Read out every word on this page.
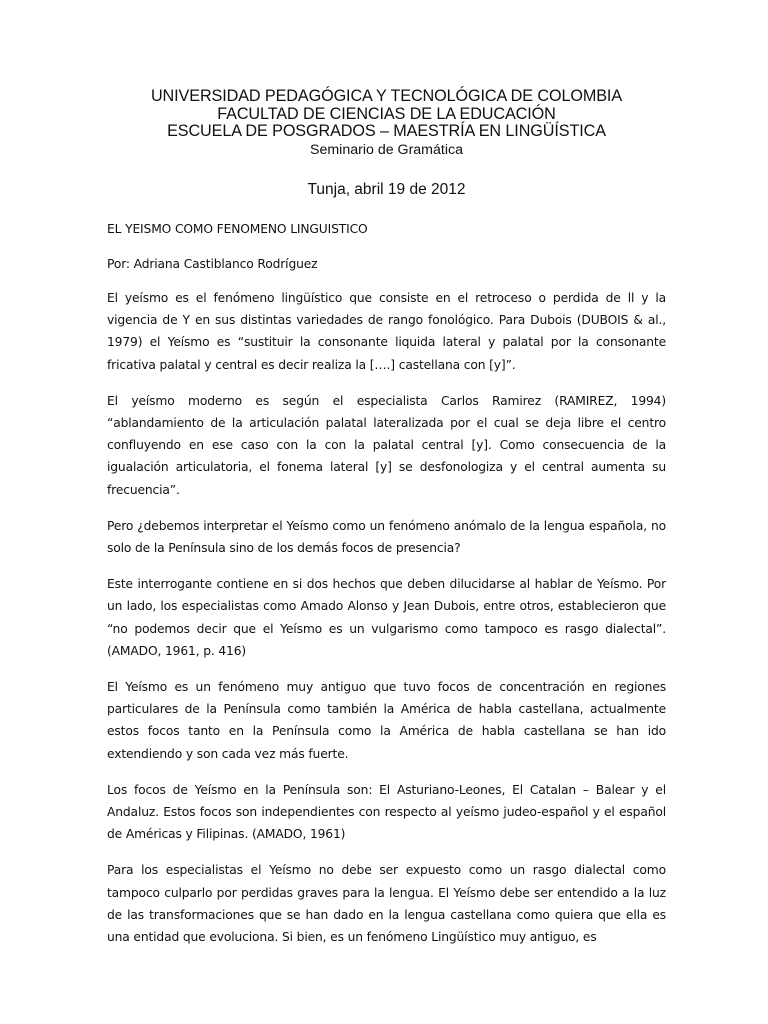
UNIVERSIDAD PEDAGÓGICA Y TECNOLÓGICA DE COLOMBIA
FACULTAD DE CIENCIAS DE LA EDUCACIÓN
ESCUELA DE POSGRADOS – MAESTRÍA EN LINGÜÍSTICA
Seminario de Gramática
Tunja, abril 19 de 2012
EL YEISMO COMO FENOMENO LINGUISTICO
Por: Adriana Castiblanco Rodríguez

El yeísmo es el fenómeno lingüístico que consiste en el retroceso o perdida de ll y la vigencia de Y en sus distintas variedades de rango fonológico. Para Dubois (DUBOIS & al., 1979) el Yeísmo es “sustituir la consonante liquida lateral y palatal por la consonante fricativa palatal y central es decir realiza la [….] castellana con [y]”.

El yeísmo moderno es según el especialista Carlos Ramirez (RAMIREZ, 1994) “ablandamiento de la articulación palatal lateralizada por el cual se deja libre el centro confluyendo en ese caso con la con la palatal central [y]. Como consecuencia de la igualación articulatoria, el fonema lateral [y] se desfonologiza y el central aumenta su frecuencia”.

Pero ¿debemos interpretar el Yeísmo como un fenómeno anómalo de la lengua española, no solo de la Península sino de los demás focos de presencia?

Este interrogante contiene en si dos hechos que deben dilucidarse al hablar de Yeísmo. Por un lado, los especialistas como Amado Alonso y Jean Dubois, entre otros, establecieron que “no podemos decir que el Yeísmo es un vulgarismo como tampoco es rasgo dialectal”. (AMADO, 1961, p. 416)

El Yeísmo es un fenómeno muy antiguo que tuvo focos de concentración en regiones particulares de la Península como también la América de habla castellana, actualmente estos focos tanto en la Península como la América de habla castellana se han ido extendiendo y son cada vez más fuerte.

Los focos de Yeísmo en la Península son: El Asturiano-Leones, El Catalan – Balear y el Andaluz. Estos focos son independientes con respecto al yeísmo judeo-español y el español de Américas y Filipinas. (AMADO, 1961)

Para los especialistas el Yeísmo no debe ser expuesto como un rasgo dialectal como tampoco culparlo por perdidas graves para la lengua. El Yeísmo debe ser entendido a la luz de las transformaciones que se han dado en la lengua castellana como quiera que ella es una entidad que evoluciona. Si bien, es un fenómeno Lingüístico muy antiguo, es
